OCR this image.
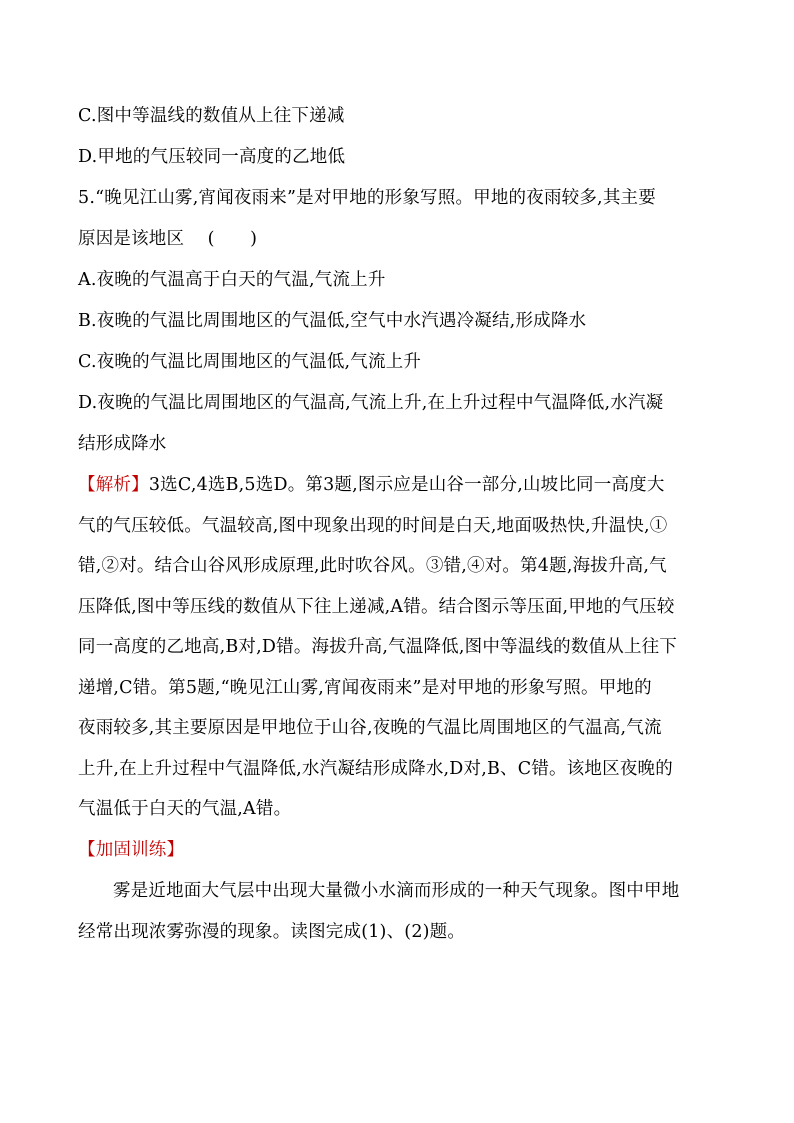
C.图中等温线的数值从上往下递减
D.甲地的气压较同一高度的乙地低
5.“晚见江山雾,宵闻夜雨来”是对甲地的形象写照。甲地的夜雨较多,其主要
原因是该地区　 (　　)
A.夜晚的气温高于白天的气温,气流上升
B.夜晚的气温比周围地区的气温低,空气中水汽遇冷凝结,形成降水
C.夜晚的气温比周围地区的气温低,气流上升
D.夜晚的气温比周围地区的气温高,气流上升,在上升过程中气温降低,水汽凝
结形成降水
【解析】3选C,4选B,5选D。第3题,图示应是山谷一部分,山坡比同一高度大
气的气压较低。气温较高,图中现象出现的时间是白天,地面吸热快,升温快,①
错,②对。结合山谷风形成原理,此时吹谷风。③错,④对。第4题,海拔升高,气
压降低,图中等压线的数值从下往上递减,A错。结合图示等压面,甲地的气压较
同一高度的乙地高,B对,D错。海拔升高,气温降低,图中等温线的数值从上往下
递增,C错。第5题,“晚见江山雾,宵闻夜雨来”是对甲地的形象写照。甲地的
夜雨较多,其主要原因是甲地位于山谷,夜晚的气温比周围地区的气温高,气流
上升,在上升过程中气温降低,水汽凝结形成降水,D对,B、C错。该地区夜晚的
气温低于白天的气温,A错。
【加固训练】
雾是近地面大气层中出现大量微小水滴而形成的一种天气现象。图中甲地
经常出现浓雾弥漫的现象。读图完成(1)、(2)题。
